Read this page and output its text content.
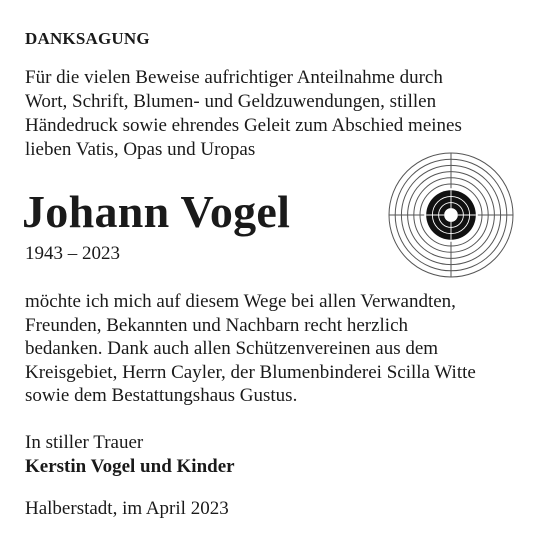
DANKSAGUNG
Für die vielen Beweise aufrichtiger Anteilnahme durch
Wort, Schrift, Blumen- und Geldzuwendungen, stillen
Händedruck sowie ehrendes Geleit zum Abschied meines
lieben Vatis, Opas und Uropas
Johann Vogel
1943 – 2023
möchte ich mich auf diesem Wege bei allen Verwandten,
Freunden, Bekannten und Nachbarn recht herzlich
bedanken. Dank auch allen Schützenvereinen aus dem
Kreisgebiet, Herrn Cayler, der Blumenbinderei Scilla Witte
sowie dem Bestattungshaus Gustus.
In stiller Trauer
Kerstin Vogel und Kinder
Halberstadt, im April 2023
